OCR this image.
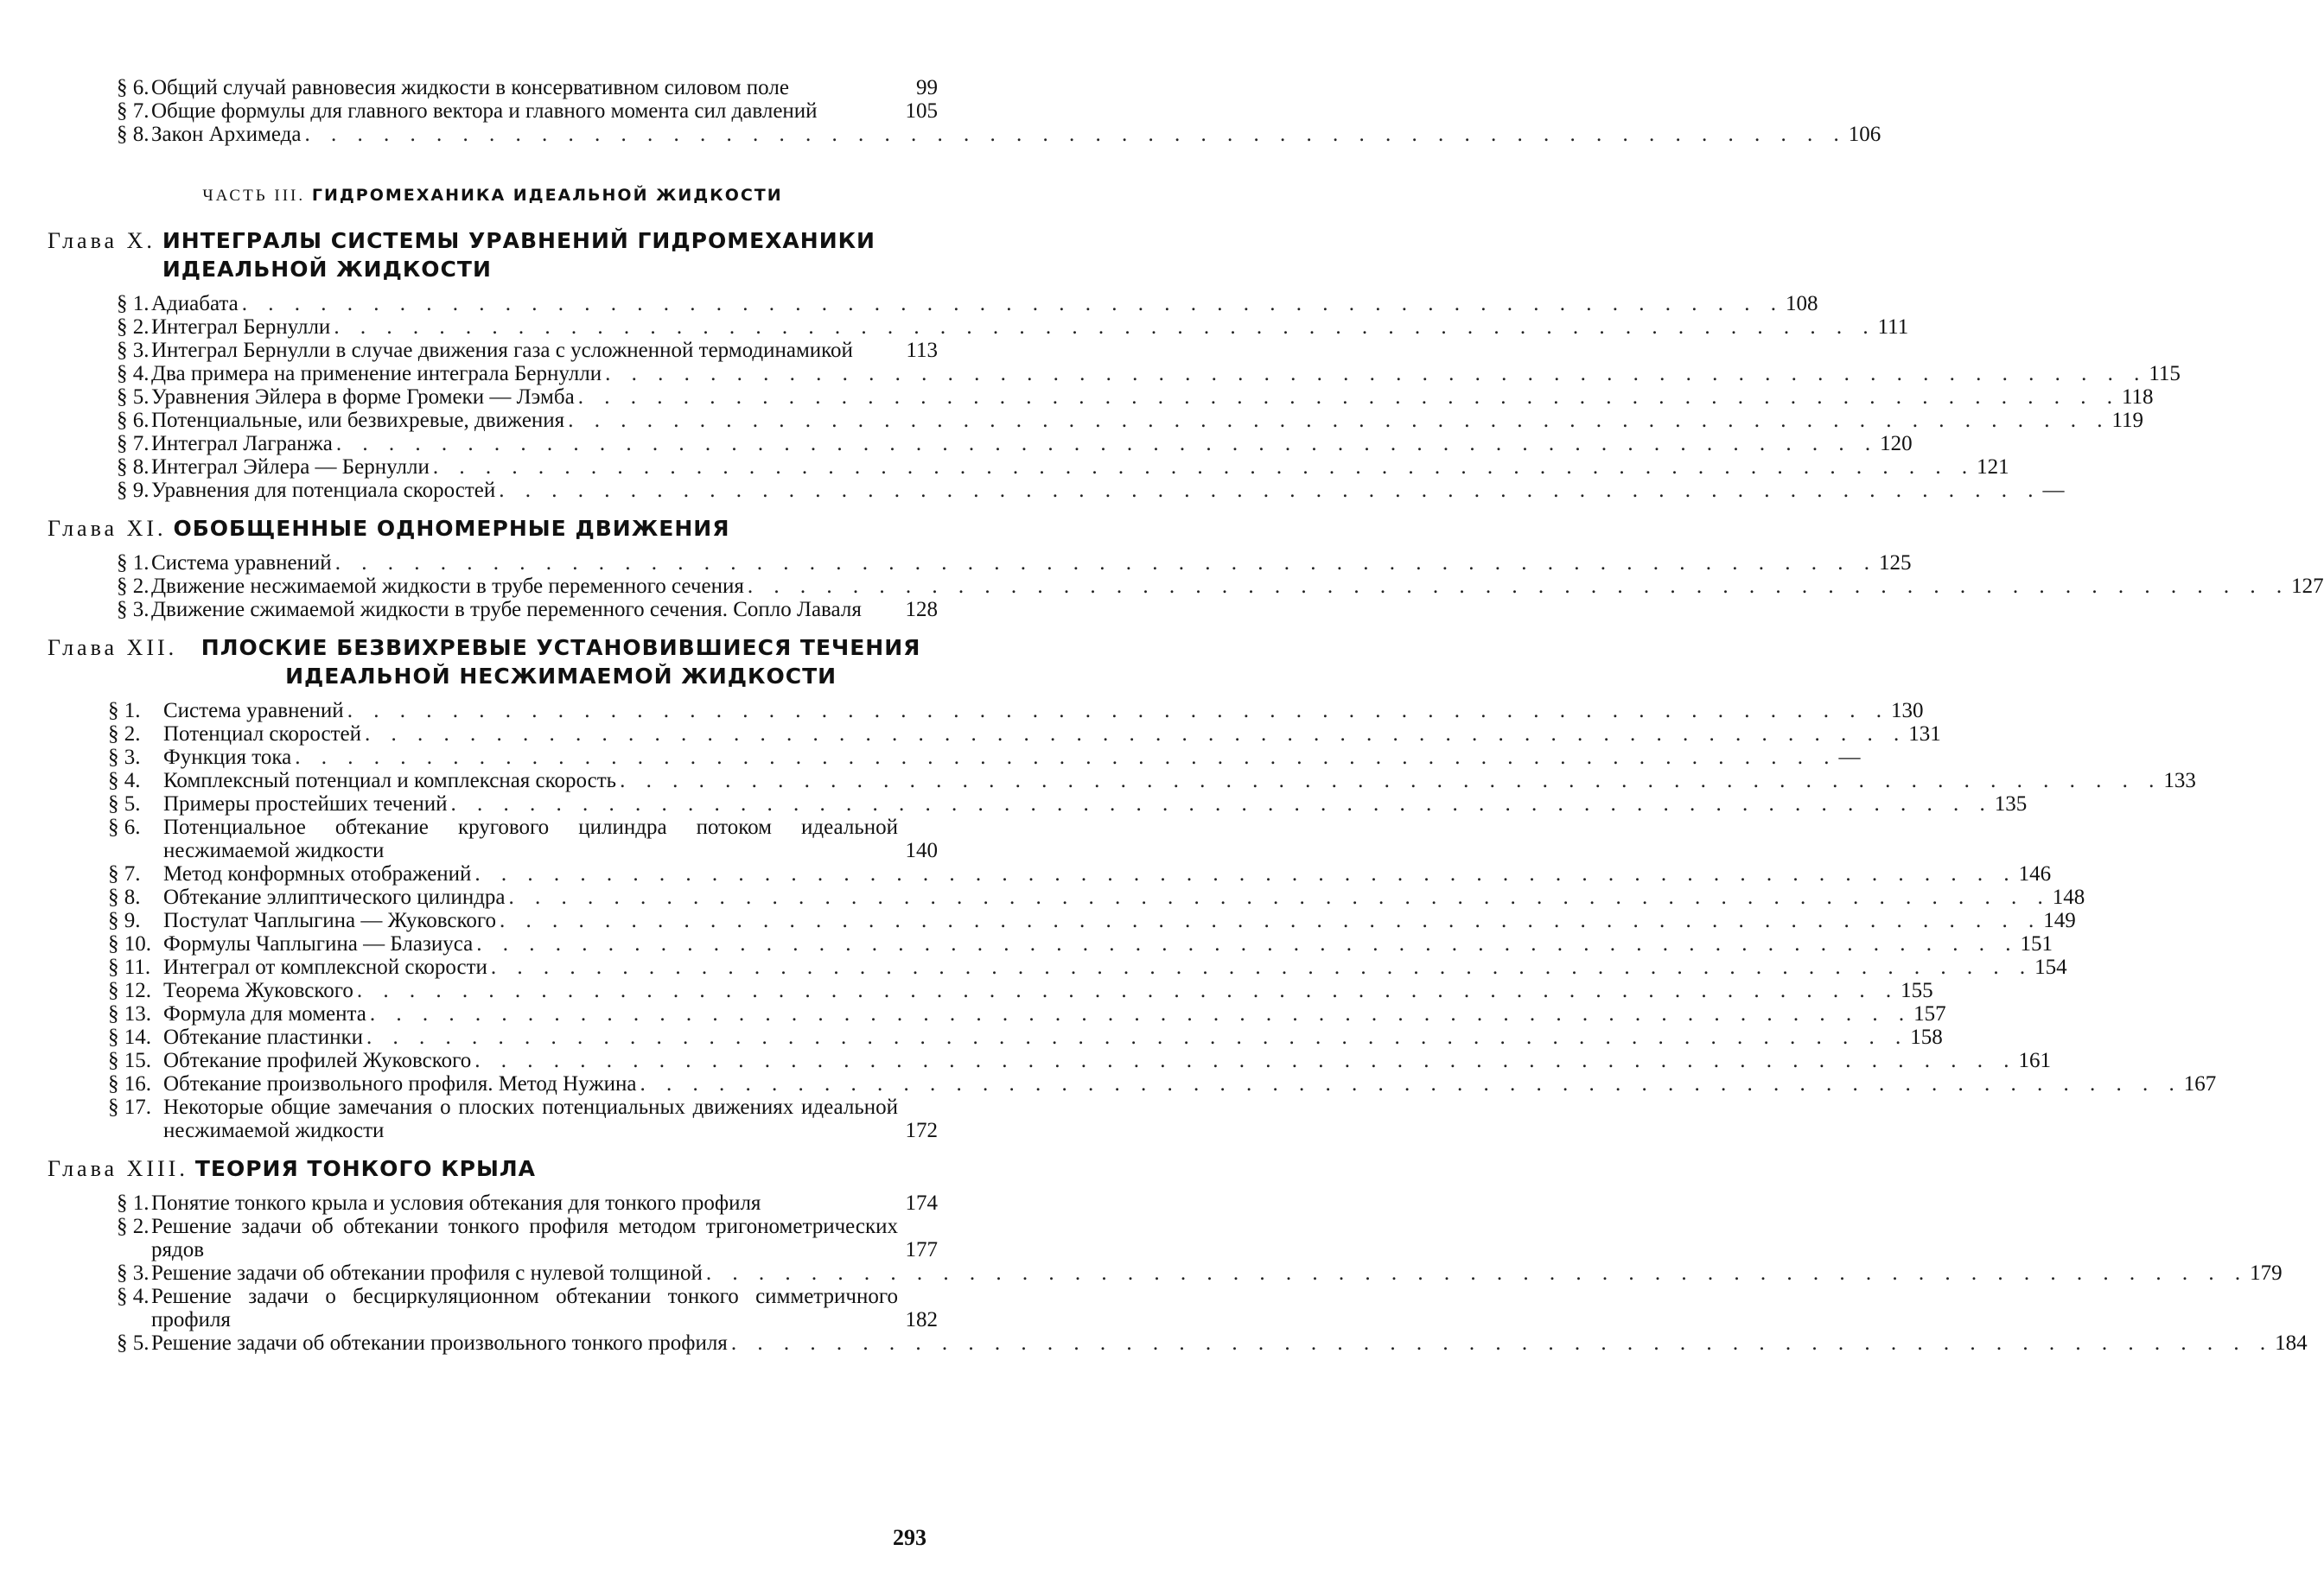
§ 6. Общий случай равновесия жидкости в консервативном силовом поле	99
§ 7. Общие формулы для главного вектора и главного момента сил давлений	105
§ 8. Закон Архимеда . . . . . . . . . . . . . . . . . . . . . . . . . . . . . . . . . . . . . . . . . . . . . . . . . . . . . . . . . . . 106
ЧАСТЬ III. ГИДРОМЕХАНИКА ИДЕАЛЬНОЙ ЖИДКОСТИ
Глава X. ИНТЕГРАЛЫ СИСТЕМЫ УРАВНЕНИЙ ГИДРОМЕХАНИКИ ИДЕАЛЬНОЙ ЖИДКОСТИ
§ 1. Адиабата . . . . . . . . . . . . . . . . . . . . . . . . . . . . . . . . . . . . . . . . . . . . . . . . . . . . . . . . . . . 108
§ 2. Интеграл Бернулли . . . . . . . . . . . . . . . . . . . . . . . . . . . . . . . . . . . . . . . . . . . . . . . . . . . . . . . . . . . 111
§ 3. Интеграл Бернулли в случае движения газа с усложненной термодинамикой	113
§ 4. Два примера на применение интеграла Бернулли . . . . . . . . . . . . . . . . . . . . . . . . . . . . . . . . . . . . . . . . . . . . . . . . . . . . . . . . . . . 115
§ 5. Уравнения Эйлера в форме Громеки — Лэмба . . . . . . . . . . . . . . . . . . . . . . . . . . . . . . . . . . . . . . . . . . . . . . . . . . . . . . . . . . . 118
§ 6. Потенциальные, или безвихревые, движения . . . . . . . . . . . . . . . . . . . . . . . . . . . . . . . . . . . . . . . . . . . . . . . . . . . . . . . . . . . 119
§ 7. Интеграл Лагранжа . . . . . . . . . . . . . . . . . . . . . . . . . . . . . . . . . . . . . . . . . . . . . . . . . . . . . . . . . . . 120
§ 8. Интеграл Эйлера — Бернулли . . . . . . . . . . . . . . . . . . . . . . . . . . . . . . . . . . . . . . . . . . . . . . . . . . . . . . . . . . . 121
§ 9. Уравнения для потенциала скоростей . . . . . . . . . . . . . . . . . . . . . . . . . . . . . . . . . . . . . . . . . . . . . . . . . . . . . . . . . . . —
Глава XI. ОБОБЩЕННЫЕ ОДНОМЕРНЫЕ ДВИЖЕНИЯ
§ 1. Система уравнений . . . . . . . . . . . . . . . . . . . . . . . . . . . . . . . . . . . . . . . . . . . . . . . . . . . . . . . . . . . 125
§ 2. Движение несжимаемой жидкости в трубе переменного сечения . . . . . . . . . . . . . . . . . . . . . . . . . . . . . . . . . . . . . . . . . . . . . . . . . . . . . . . . . . . 127
§ 3. Движение сжимаемой жидкости в трубе переменного сечения. Сопло Лаваля	128
Глава XII.	ПЛОСКИЕ БЕЗВИХРЕВЫЕ УСТАНОВИВШИЕСЯ ТЕЧЕНИЯ ИДЕАЛЬНОЙ НЕСЖИМАЕМОЙ ЖИДКОСТИ
§ 1. Система уравнений . . . . . . . . . . . . . . . . . . . . . . . . . . . . . . . . . . . . . . . . . . . . . . . . . . . . . . . . . . . 130
§ 2. Потенциал скоростей . . . . . . . . . . . . . . . . . . . . . . . . . . . . . . . . . . . . . . . . . . . . . . . . . . . . . . . . . . . 131
§ 3. Функция тока . . . . . . . . . . . . . . . . . . . . . . . . . . . . . . . . . . . . . . . . . . . . . . . . . . . . . . . . . . . —
§ 4. Комплексный потенциал и комплексная скорость . . . . . . . . . . . . . . . . . . . . . . . . . . . . . . . . . . . . . . . . . . . . . . . . . . . . . . . . . . . 133
§ 5. Примеры простейших течений . . . . . . . . . . . . . . . . . . . . . . . . . . . . . . . . . . . . . . . . . . . . . . . . . . . . . . . . . . . 135
§ 6. Потенциальное обтекание кругового цилиндра потоком идеальной несжимаемой жидкости	140
§ 7. Метод конформных отображений . . . . . . . . . . . . . . . . . . . . . . . . . . . . . . . . . . . . . . . . . . . . . . . . . . . . . . . . . . . 146
§ 8. Обтекание эллиптического цилиндра . . . . . . . . . . . . . . . . . . . . . . . . . . . . . . . . . . . . . . . . . . . . . . . . . . . . . . . . . . . 148
§ 9. Постулат Чаплыгина — Жуковского . . . . . . . . . . . . . . . . . . . . . . . . . . . . . . . . . . . . . . . . . . . . . . . . . . . . . . . . . . . 149
§ 10. Формулы Чаплыгина — Блазиуса . . . . . . . . . . . . . . . . . . . . . . . . . . . . . . . . . . . . . . . . . . . . . . . . . . . . . . . . . . . 151
§ 11. Интеграл от комплексной скорости . . . . . . . . . . . . . . . . . . . . . . . . . . . . . . . . . . . . . . . . . . . . . . . . . . . . . . . . . . . 154
§ 12. Теорема Жуковского . . . . . . . . . . . . . . . . . . . . . . . . . . . . . . . . . . . . . . . . . . . . . . . . . . . . . . . . . . . 155
§ 13. Формула для момента . . . . . . . . . . . . . . . . . . . . . . . . . . . . . . . . . . . . . . . . . . . . . . . . . . . . . . . . . . . 157
§ 14. Обтекание пластинки . . . . . . . . . . . . . . . . . . . . . . . . . . . . . . . . . . . . . . . . . . . . . . . . . . . . . . . . . . . 158
§ 15. Обтекание профилей Жуковского . . . . . . . . . . . . . . . . . . . . . . . . . . . . . . . . . . . . . . . . . . . . . . . . . . . . . . . . . . . 161
§ 16. Обтекание произвольного профиля. Метод Нужина . . . . . . . . . . . . . . . . . . . . . . . . . . . . . . . . . . . . . . . . . . . . . . . . . . . . . . . . . . . 167
§ 17. Некоторые общие замечания о плоских потенциальных движениях идеальной несжимаемой жидкости	172
Глава XIII. ТЕОРИЯ ТОНКОГО КРЫЛА
§ 1. Понятие тонкого крыла и условия обтекания для тонкого профиля	174
§ 2. Решение задачи об обтекании тонкого профиля методом тригонометрических рядов	177
§ 3. Решение задачи об обтекании профиля с нулевой толщиной . . . . . . . . . . . . . . . . . . . . . . . . . . . . . . . . . . . . . . . . . . . . . . . . . . . . . . . . . . . 179
§ 4. Решение задачи о бесциркуляционном обтекании тонкого симметричного профиля	182
§ 5. Решение задачи об обтекании произвольного тонкого профиля . . . . . . . . . . . . . . . . . . . . . . . . . . . . . . . . . . . . . . . . . . . . . . . . . . . . . . . . . . . 184
293
